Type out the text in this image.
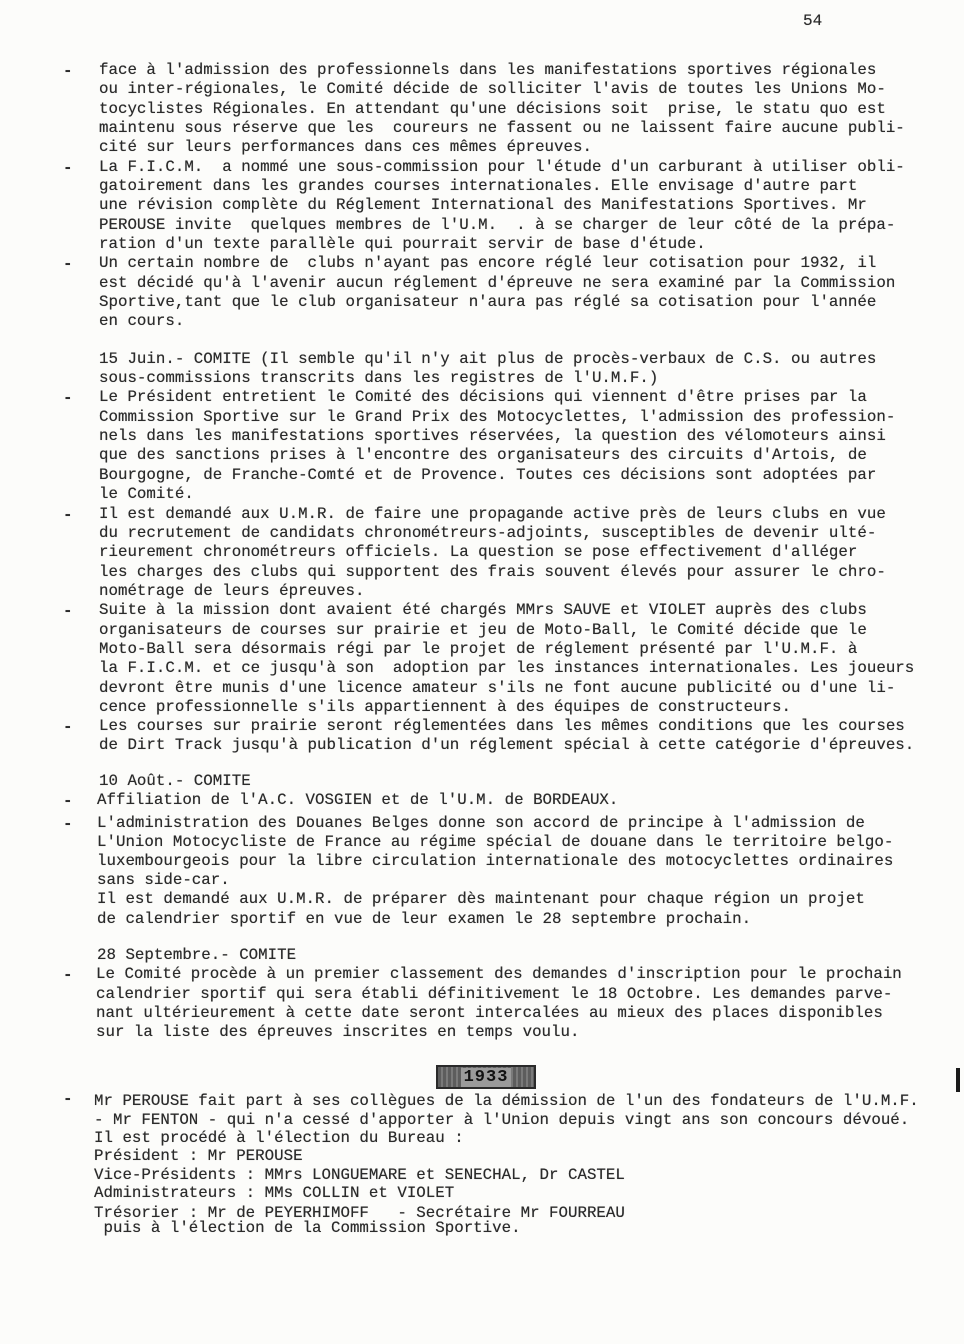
54
- face à l'admission des professionnels dans les manifestations sportives régionales
ou inter-régionales, le Comité décide de solliciter l'avis de toutes les Unions Mo-
tocyclistes Régionales. En attendant qu'une décisions soit  prise, le statu quo est
maintenu sous réserve que les  coureurs ne fassent ou ne laissent faire aucune publi-
cité sur leurs performances dans ces mêmes épreuves.
- La F.I.C.M.  a nommé une sous-commission pour l'étude d'un carburant à utiliser obli-
gatoirement dans les grandes courses internationales. Elle envisage d'autre part
une révision complète du Réglement International des Manifestations Sportives. Mr
PEROUSE invite  quelques membres de l'U.M.  . à se charger de leur côté de la prépa-
ration d'un texte parallèle qui pourrait servir de base d'étude.
- Un certain nombre de  clubs n'ayant pas encore réglé leur cotisation pour 1932, il
est décidé qu'à l'avenir aucun réglement d'épreuve ne sera examiné par la Commission
Sportive,tant que le club organisateur n'aura pas réglé sa cotisation pour l'année
en cours.
15 Juin.- COMITE (Il semble qu'il n'y ait plus de procès-verbaux de C.S. ou autres
sous-commissions transcrits dans les registres de l'U.M.F.)
- Le Président entretient le Comité des décisions qui viennent d'être prises par la
Commission Sportive sur le Grand Prix des Motocyclettes, l'admission des profession-
nels dans les manifestations sportives réservées, la question des vélomoteurs ainsi
que des sanctions prises à l'encontre des organisateurs des circuits d'Artois, de
Bourgogne, de Franche-Comté et de Provence. Toutes ces décisions sont adoptées par
le Comité.
- Il est demandé aux U.M.R. de faire une propagande active près de leurs clubs en vue
du recrutement de candidats chronométreurs-adjoints, susceptibles de devenir ulté-
rieurement chronométreurs officiels. La question se pose effectivement d'alléger
les charges des clubs qui supportent des frais souvent élevés pour assurer le chro-
nométrage de leurs épreuves.
- Suite à la mission dont avaient été chargés MMrs SAUVE et VIOLET auprès des clubs
organisateurs de courses sur prairie et jeu de Moto-Ball, le Comité décide que le
Moto-Ball sera désormais régi par le projet de réglement présenté par l'U.M.F. à
la F.I.C.M. et ce jusqu'à son  adoption par les instances internationales. Les joueurs
devront être munis d'une licence amateur s'ils ne font aucune publicité ou d'une li-
cence professionnelle s'ils appartiennent à des équipes de constructeurs.
- Les courses sur prairie seront réglementées dans les mêmes conditions que les courses
de Dirt Track jusqu'à publication d'un réglement spécial à cette catégorie d'épreuves.
10 Août.- COMITE
- Affiliation de l'A.C. VOSGIEN et de l'U.M. de BORDEAUX.
- L'administration des Douanes Belges donne son accord de principe à l'admission de
L'Union Motocycliste de France au régime spécial de douane dans le territoire belgo-
luxembourgeois pour la libre circulation internationale des motocyclettes ordinaires
sans side-car.
Il est demandé aux U.M.R. de préparer dès maintenant pour chaque région un projet
de calendrier sportif en vue de leur examen le 28 septembre prochain.
28 Septembre.- COMITE
- Le Comité procède à un premier classement des demandes d'inscription pour le prochain
calendrier sportif qui sera établi définitivement le 18 Octobre. Les demandes parve-
nant ultérieurement à cette date seront intercalées au mieux des places disponibles
sur la liste des épreuves inscrites en temps voulu.
1933
- Mr PEROUSE fait part à ses collègues de la démission de l'un des fondateurs de l'U.M.F.
- Mr FENTON - qui n'a cessé d'apporter à l'Union depuis vingt ans son concours dévoué.
Il est procédé à l'élection du Bureau :
Président : Mr PEROUSE
Vice-Présidents : MMrs LONGUEMARE et SENECHAL, Dr CASTEL
Administrateurs : MMs COLLIN et VIOLET
Trésorier : Mr de PEYERHIMOFF   - Secrétaire Mr FOURREAU
puis à l'élection de la Commission Sportive.
